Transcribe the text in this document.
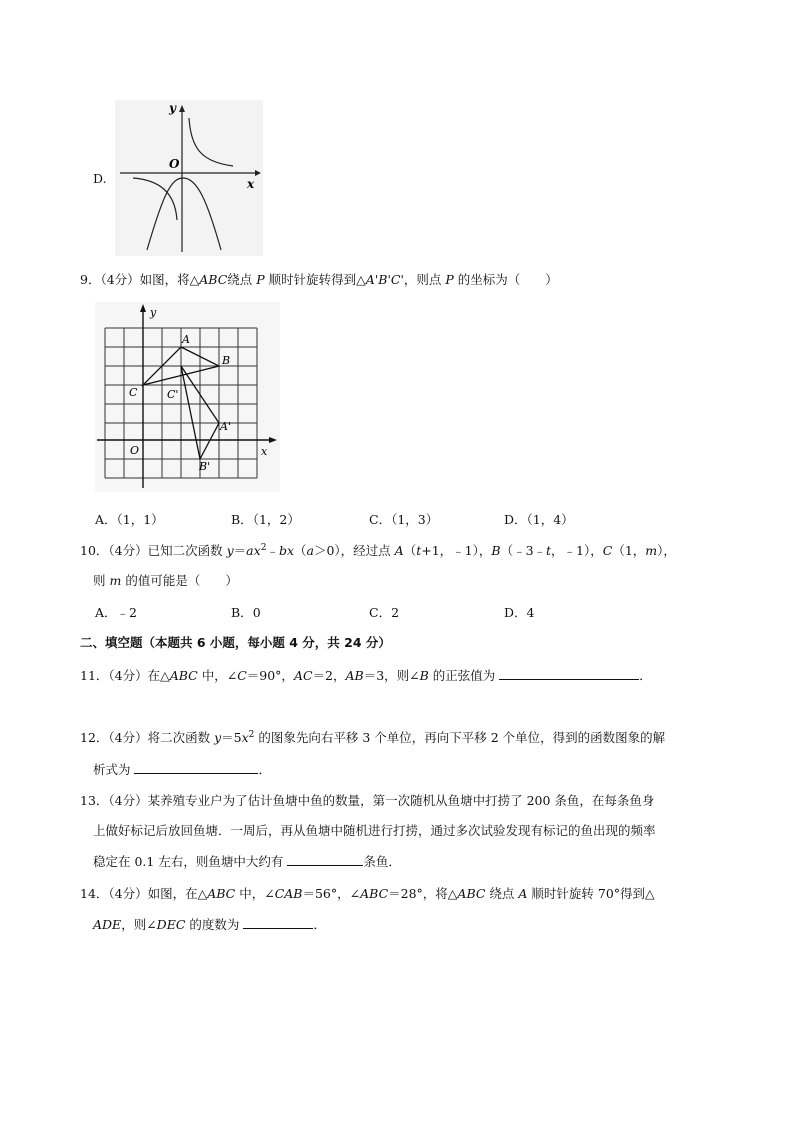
D.
y
x
O
9．（4分）如图，将△ABC绕点 P 顺时针旋转得到△A'B'C'，则点 P 的坐标为（　　）
y
x
O
A
B
C	C'
A'
B'
A．（1，1）	B．（1，2）	C．（1，3）	D．（1，4）
10．（4分）已知二次函数 $y=ax^2﹣bx(a>0)$，经过点 A（t+1，﹣1），B（﹣3﹣t，﹣1），C（1，m），
则 m 的值可能是（　　）
A．﹣2	B．0	C．2	D．4
二、填空题（本题共 6 小题，每小题 4 分，共 24 分）
11．（4分）在△ABC 中，∠C＝90°，AC＝2，AB＝3，则∠B 的正弦值为	．
12．（4分）将二次函数 $y=5x^2$ 的图象先向右平移 3 个单位，再向下平移 2 个单位，得到的函数图象的解
析式为	．
13．（4分）某养殖专业户为了估计鱼塘中鱼的数量，第一次随机从鱼塘中打捞了 200 条鱼，在每条鱼身
上做好标记后放回鱼塘．一周后，再从鱼塘中随机进行打捞，通过多次试验发现有标记的鱼出现的频率
稳定在 0.1 左右，则鱼塘中大约有	条鱼．
14．（4分）如图，在△ABC 中，∠CAB＝56°，∠ABC＝28°，将△ABC 绕点 A 顺时针旋转 70°得到△
ADE，则∠DEC 的度数为	．
